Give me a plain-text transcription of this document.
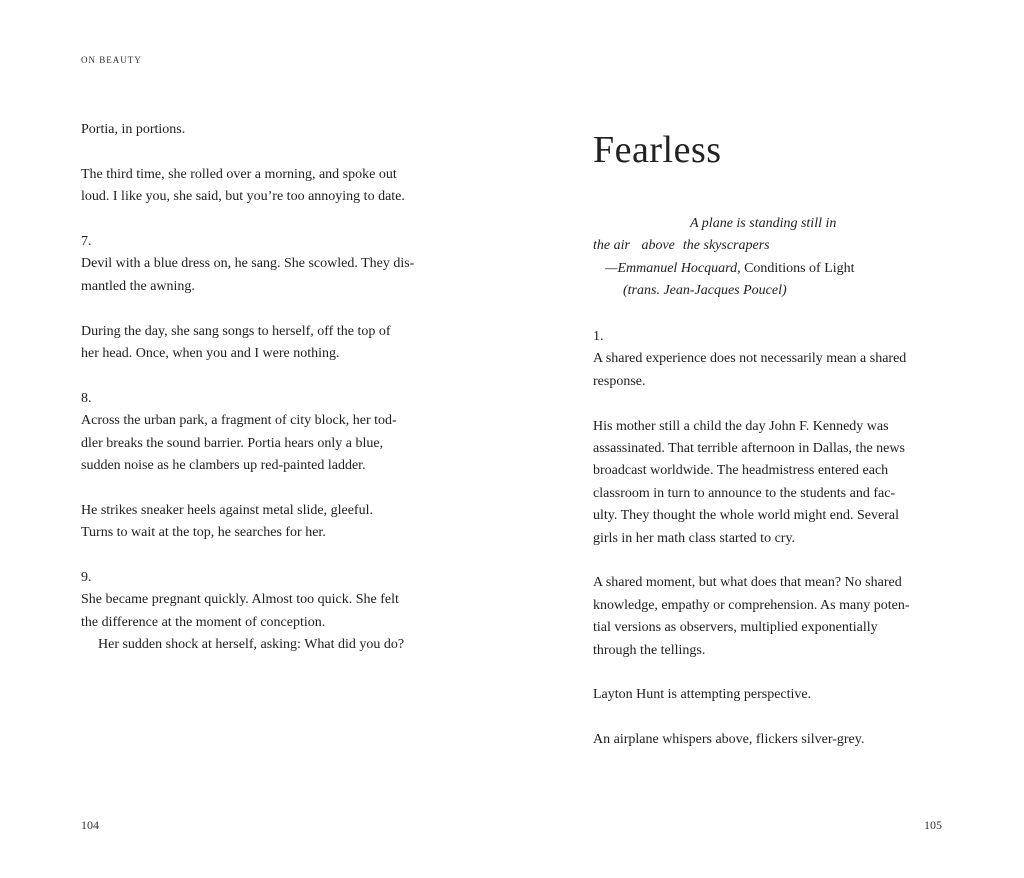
ON BEAUTY

Portia, in portions.

The third time, she rolled over a morning, and spoke out
loud. I like you, she said, but you’re too annoying to date.

7.
Devil with a blue dress on, he sang. She scowled. They dis-
mantled the awning.

During the day, she sang songs to herself, off the top of
her head. Once, when you and I were nothing.

8.
Across the urban park, a fragment of city block, her tod-
dler breaks the sound barrier. Portia hears only a blue,
sudden noise as he clambers up red-painted ladder.

He strikes sneaker heels against metal slide, gleeful.
Turns to wait at the top, he searches for her.

9.
She became pregnant quickly. Almost too quick. She felt
the difference at the moment of conception.
Her sudden shock at herself, asking: What did you do?

104
Fearless
A plane is standing still in
the air above the skyscrapers
—Emmanuel Hocquard, Conditions of Light
(trans. Jean-Jacques Poucel)

1.
A shared experience does not necessarily mean a shared
response.

His mother still a child the day John F. Kennedy was
assassinated. That terrible afternoon in Dallas, the news
broadcast worldwide. The headmistress entered each
classroom in turn to announce to the students and fac-
ulty. They thought the whole world might end. Several
girls in her math class started to cry.

A shared moment, but what does that mean? No shared
knowledge, empathy or comprehension. As many poten-
tial versions as observers, multiplied exponentially
through the tellings.

Layton Hunt is attempting perspective.

An airplane whispers above, flickers silver-grey.

105
